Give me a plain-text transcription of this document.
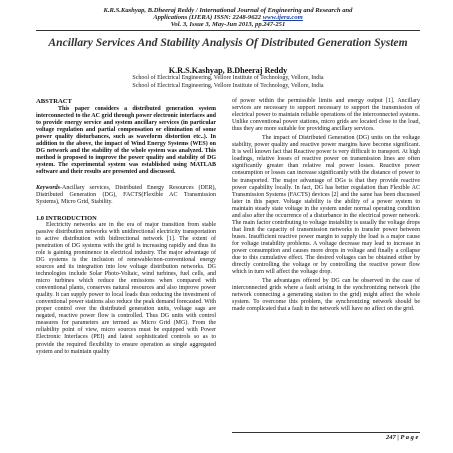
K.R.S.Kashyap, B.Dheeraj Reddy / International Journal of Engineering and Research and
Applications (IJERA) ISSN: 2248-9622 www.ijera.com
Vol. 3, Issue 3, May-Jun 2013, pp.247-251
Ancillary Services And Stability Analysis Of Distributed Generation System
K.R.S.Kashyap, B.Dheeraj Reddy
School of Electrical Engineering, Vellore Institute of Technology, Vellore, India
School of Electrical Engineering, Vellore Institute of Technology, Vellore, India
ABSTRACT

This paper considers a distributed generation system interconnected to the AC grid through power electronic interfaces and to provide energy service and system ancillary services (in particular voltage regulation and partial compensation or elimination of some power quality disturbances, such as waveform distortion etc..). In addition to the above, the impact of Wind Energy Systems (WES) on DG network and the stability of the whole system was analyzed. This method is proposed to improve the power quality and stability of DG system. The experimental system was established using MATLAB software and their results are presented and discussed.

Keywords-Ancillary services, Distributed Energy Resources (DER), Distributed Generation (DG), FACTS(Flexible AC Transmission Systems), Micro Grid, Stability.

1.0 INTRODUCTION

Electricity networks are in the era of major transition from stable passive distribution networks with unidirectional electricity transportation to active distribution with bidirectional network [1]. The extent of penetration of DG systems with the grid is increasing rapidly and thus its role is gaining prominence in electrical industry. The major advantage of DG systems is the inclusion of renewable/non-conventional energy sources and its integration into low voltage distribution networks. DG technologies include Solar Photo-Voltaic, wind turbines, fuel cells, and micro turbines which reduce the emissions when compared with conventional plants, conserves natural resources and also improve power quality. It can supply power to local loads thus reducing the investment of conventional power stations also reduce the peak demand forecasted. With proper control over the distributed generation units, voltage sags are negated, reactive power flow is controlled. Thus DG units with control measures for parameters are termed as Micro Grid (MG). From the reliability point of view, micro sources must be equipped with Power Electronic Interfaces (PEI) and latest sophisticated controls so as to provide the required flexibility to ensure operation as single aggregated system and to maintain quality

of power within the permissible limits and energy output [1]. Ancillary services are necessary to support necessary to support the transmission of electrical power to maintain reliable operations of the interconnected systems. Unlike conventional power stations, micro grids are located close to the load, thus they are more suitable for providing ancillary services.

The impact of Distributed Generation (DG) units on the voltage stability, power quality and reactive power margins have become significant. It is well known fact that Reactive power is very difficult to transport. At high loadings, relative losses of reactive power on transmission lines are often significantly greater than relative real power losses. Reactive power consumption or losses can increase significantly with the distance of power to be transported. The major advantage of DGs is that they provide reactive power capability locally. In fact, DG has better regulation than Flexible AC Transmission Systems (FACTS) devices [2] and the same has been discussed later in this paper. Voltage stability is the ability of a power system to maintain steady state voltage in the system under normal operating condition and also after the occurrence of a disturbance in the electrical power network. The main factor contributing to voltage instability is usually the voltage drops that limit the capacity of transmission networks to transfer power between buses. Insufficient reactive power margin to supply the load is a major cause for voltage instability problems. A voltage decrease may lead to increase in power consumption and causes more drops in voltage and finally a collapse due to this cumulative effect. The desired voltages can be obtained either by directly controlling the voltage or by controlling the reactive power flow which in turn will affect the voltage drop.

The advantages offered by DG can be observed in the case of interconnected grids where a fault arising in the synchronizing network (the network connecting a generating station to the grid) might affect the whole system. To overcome this problem, the synchronizing network should be made complicated that a fault in the network will have no affect on the grid.

247 | P a g e
